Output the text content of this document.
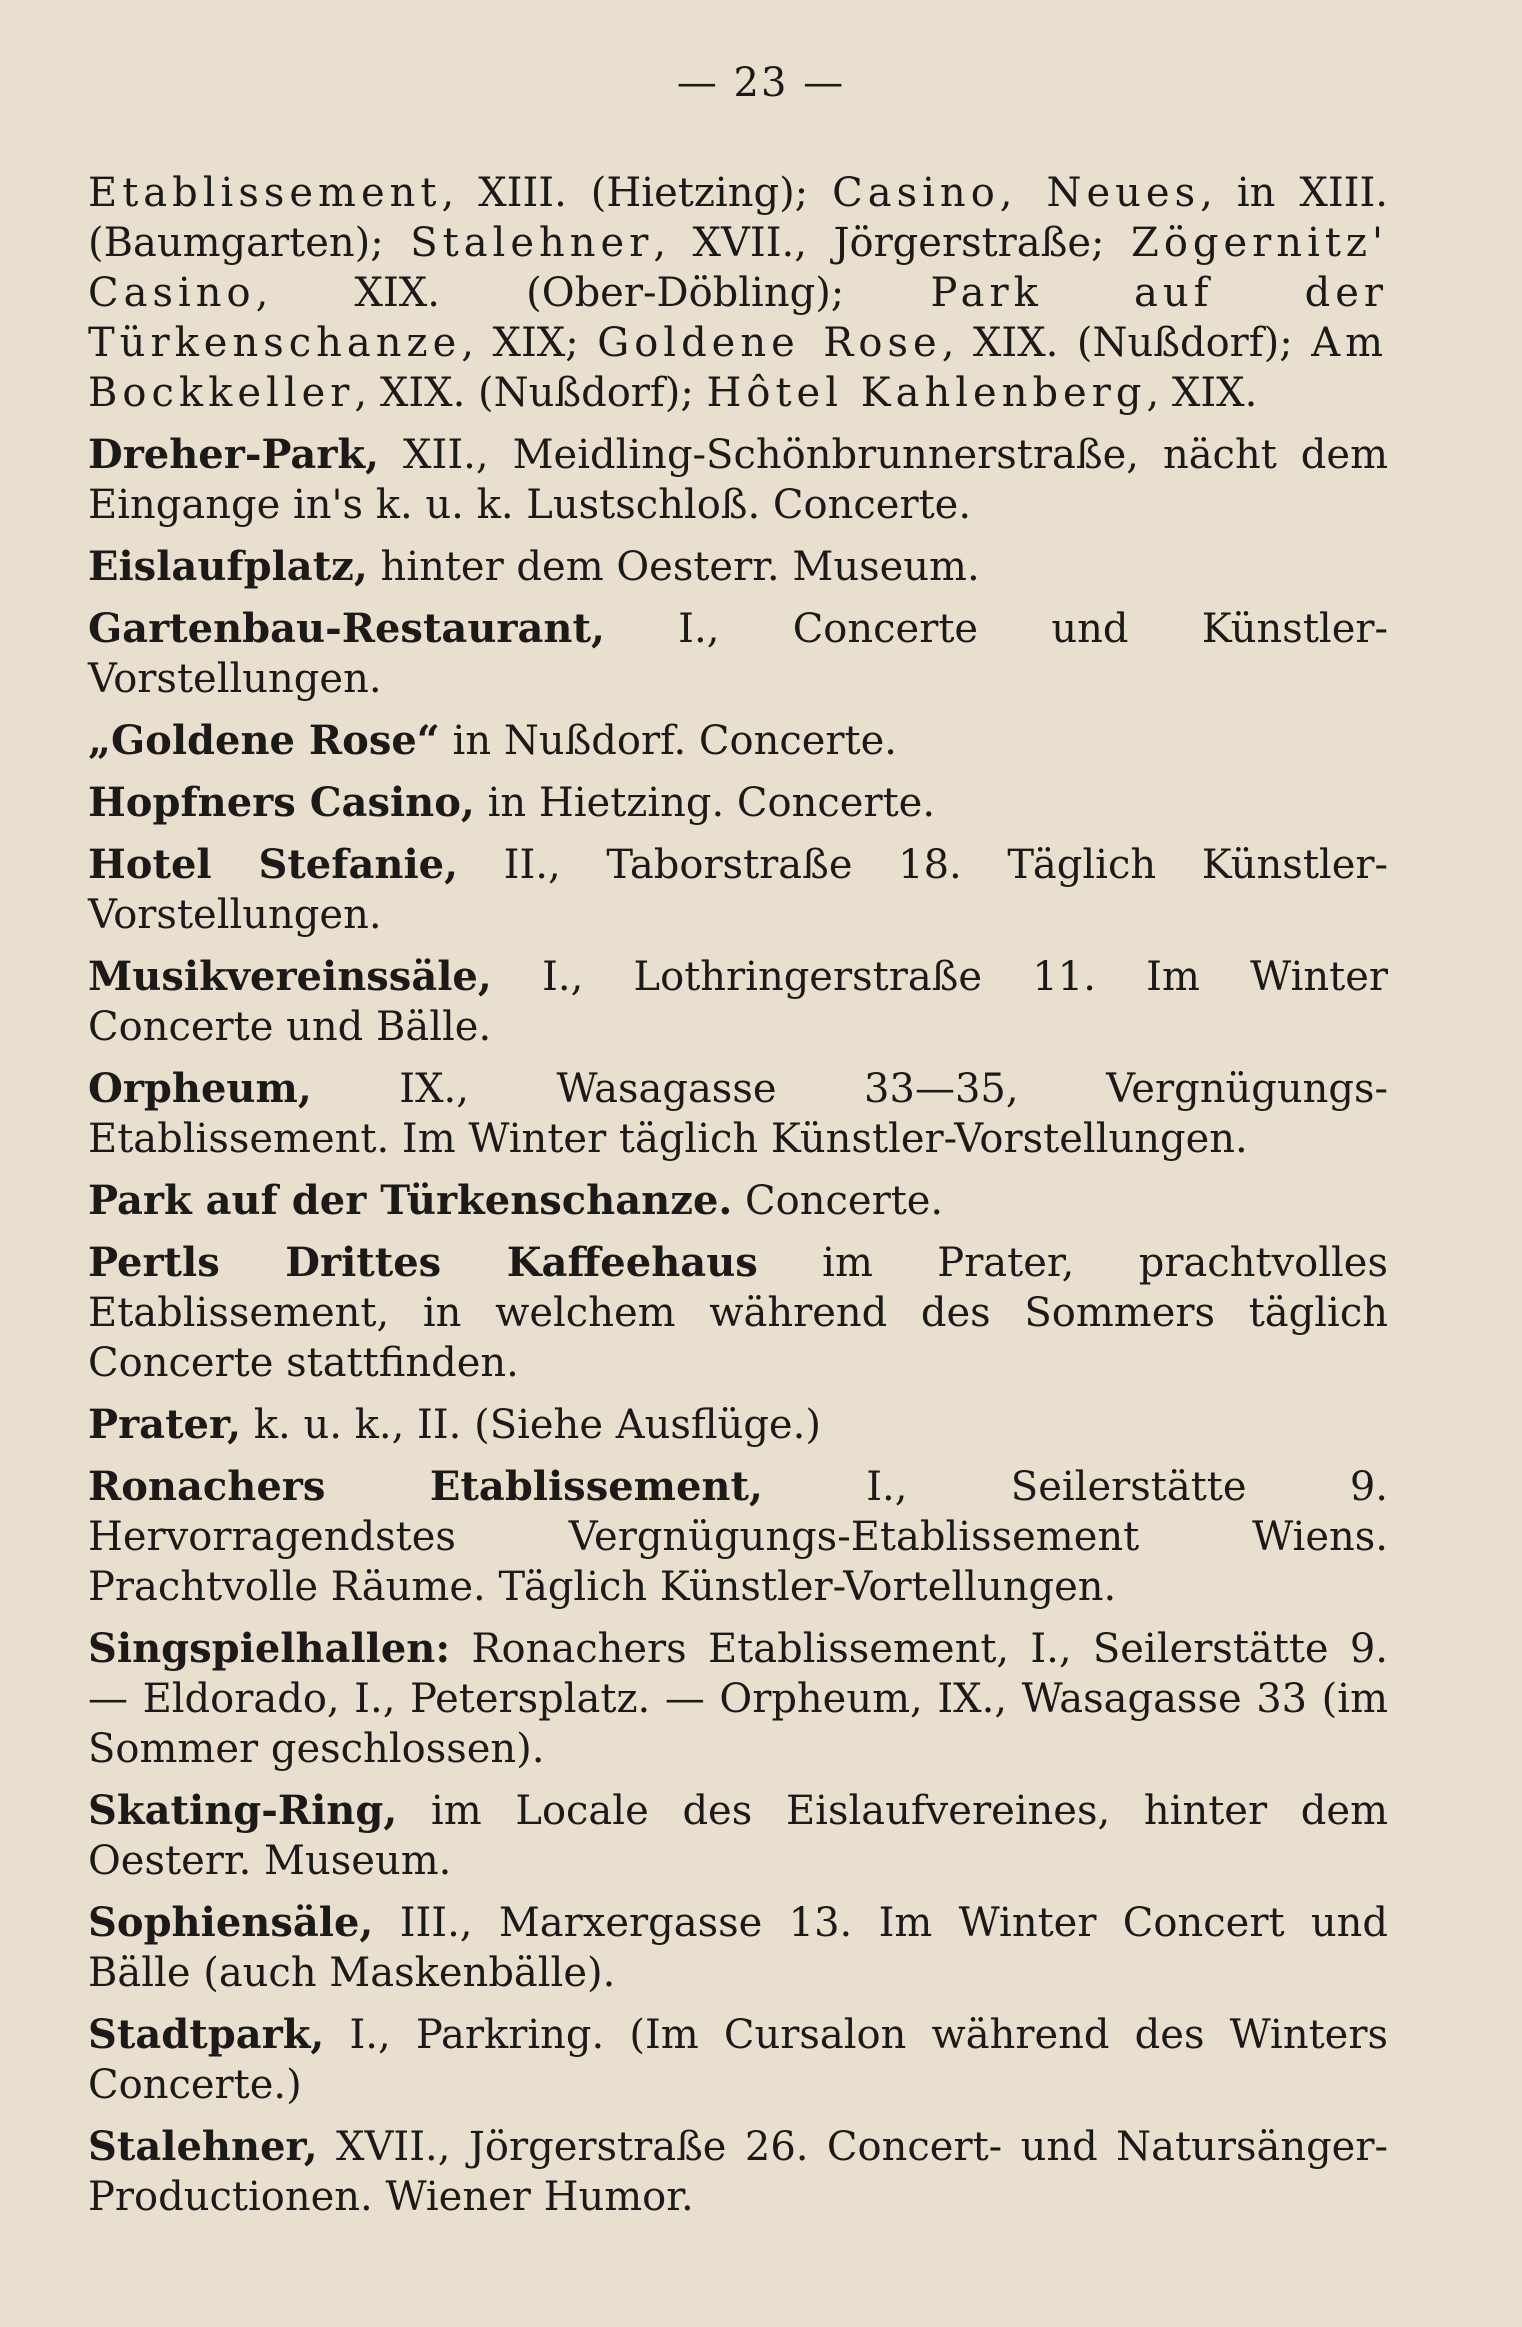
— 23 —

Etablissement, XIII. (Hietzing); Casino, Neues, in XIII. (Baumgarten); Stalehner, XVII., Jörgerstraße; Zögernitz' Casino, XIX. (Ober-Döbling); Park auf der Türkenschanze, XIX; Goldene Rose, XIX. (Nußdorf); Am Bockkeller, XIX. (Nußdorf); Hôtel Kahlenberg, XIX.

Dreher-Park, XII., Meidling-Schönbrunnerstraße, nächt dem Eingange in's k. u. k. Lustschloß. Concerte.

Eislaufplatz, hinter dem Oesterr. Museum.

Gartenbau-Restaurant, I., Concerte und Künstler-Vorstellungen.

„Goldene Rose“ in Nußdorf. Concerte.

Hopfners Casino, in Hietzing. Concerte.

Hotel Stefanie, II., Taborstraße 18. Täglich Künstler-Vorstellungen.

Musikvereinssäle, I., Lothringerstraße 11. Im Winter Concerte und Bälle.

Orpheum, IX., Wasagasse 33—35, Vergnügungs-Etablissement. Im Winter täglich Künstler-Vorstellungen.

Park auf der Türkenschanze. Concerte.

Pertls Drittes Kaffeehaus im Prater, prachtvolles Etablissement, in welchem während des Sommers täglich Concerte stattfinden.

Prater, k. u. k., II. (Siehe Ausflüge.)

Ronachers Etablissement, I., Seilerstätte 9. Hervorragendstes Vergnügungs-Etablissement Wiens. Prachtvolle Räume. Täglich Künstler-Vortellungen.

Singspielhallen: Ronachers Etablissement, I., Seilerstätte 9. — Eldorado, I., Petersplatz. — Orpheum, IX., Wasagasse 33 (im Sommer geschlossen).

Skating-Ring, im Locale des Eislaufvereines, hinter dem Oesterr. Museum.

Sophiensäle, III., Marxergasse 13. Im Winter Concert und Bälle (auch Maskenbälle).

Stadtpark, I., Parkring. (Im Cursalon während des Winters Concerte.)

Stalehner, XVII., Jörgerstraße 26. Concert- und Natursänger-Productionen. Wiener Humor.
